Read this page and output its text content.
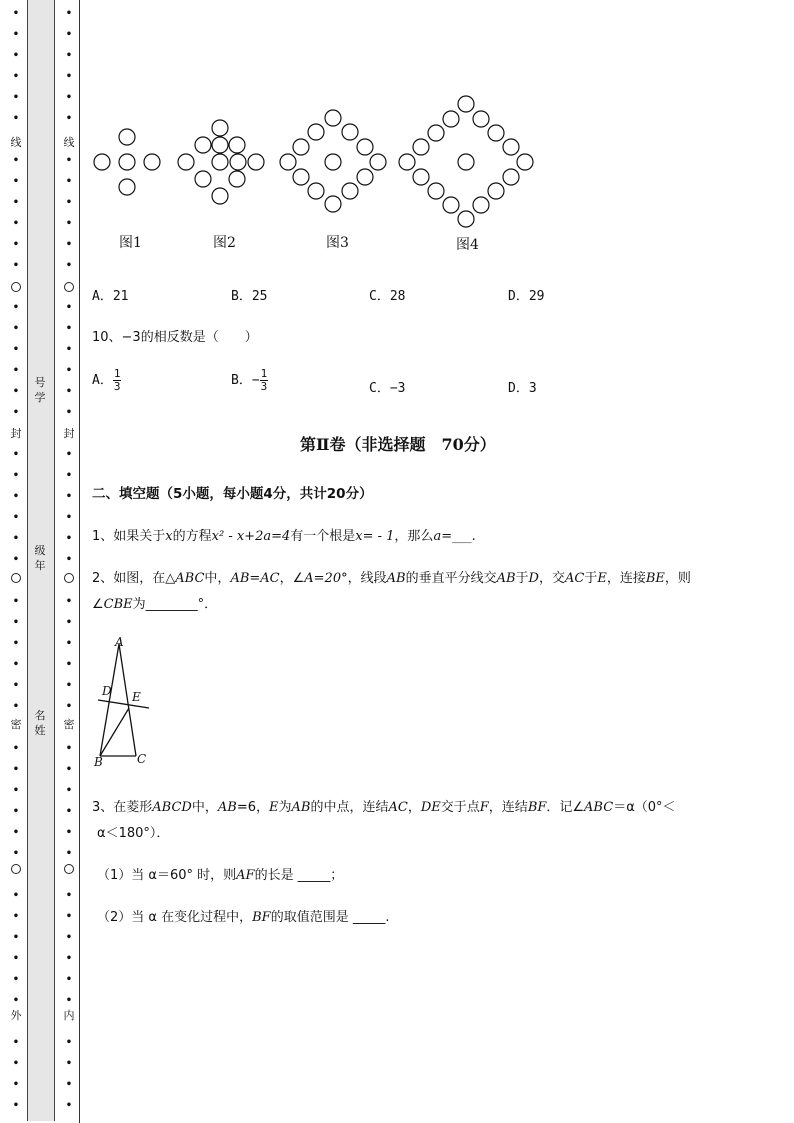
•
•
•
•
•
•
•
•
•
•
•
•
•
•
•
•
•
•
•
•
•
•
•
•
•
•
•
•
•
•
•
•
•
•
•
•
•
•
•
•
•
•
•
•
•
•
线
封
密
外
•
•
•
•
•
•
•
•
•
•
•
•
•
•
•
•
•
•
•
•
•
•
•
•
•
•
•
•
•
•
•
•
•
•
•
•
•
•
•
•
•
•
•
•
•
•
线
封
密
内
号
学
级
年
名
姓
图1	图2	图3	图4
A．21	B．25	C．28	D．29
10、−3的相反数是（　　）
A． $\frac{1}{3}$	B．− $\frac{1}{3}$	C．−3	D．3
第Ⅱ卷（非选择题　70分）
二、填空题（5小题，每小题4分，共计20分）
1、如果关于x的方程x² - x+2a=4有一个根是x= - 1，那么a=___.
2、如图，在△ABC中，AB=AC，∠A=20°，线段AB的垂直平分线交AB于D，交AC于E，连接BE，则
∠CBE为________°．
A
D E
B	C
3、在菱形ABCD中，AB=6，E为AB的中点，连结AC，DE交于点F，连结BF．记∠ABC＝α（0°＜
α＜180°）．
（1）当 α＝60° 时，则AF的长是 _____；
（2）当 α 在变化过程中，BF的取值范围是 _____.
